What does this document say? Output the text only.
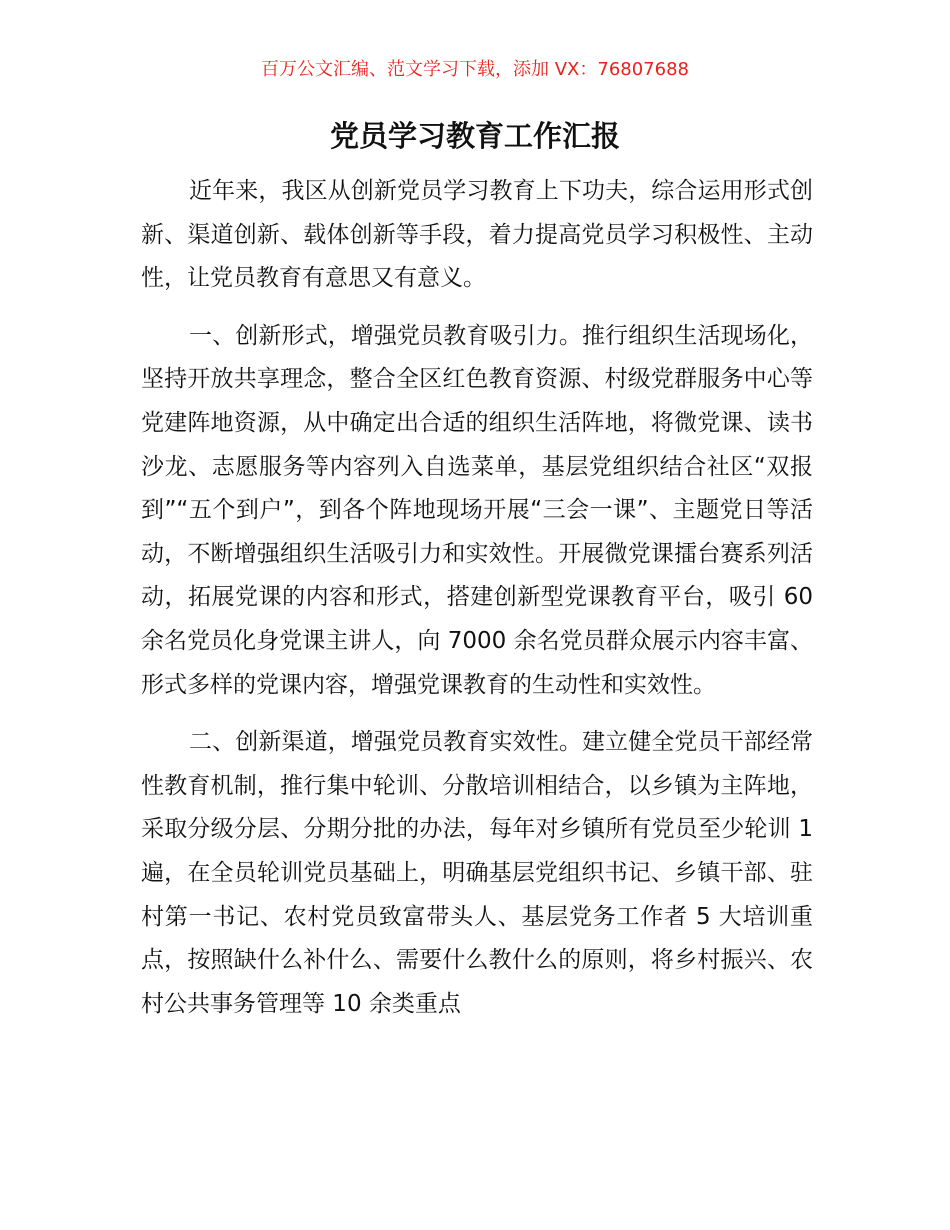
百万公文汇编、范文学习下载，添加 VX：76807688
党员学习教育工作汇报

近年来，我区从创新党员学习教育上下功夫，综合运用形式创新、渠道创新、载体创新等手段，着力提高党员学习积极性、主动性，让党员教育有意思又有意义。

一、创新形式，增强党员教育吸引力。推行组织生活现场化，坚持开放共享理念，整合全区红色教育资源、村级党群服务中心等党建阵地资源，从中确定出合适的组织生活阵地，将微党课、读书沙龙、志愿服务等内容列入自选菜单，基层党组织结合社区“双报到”“五个到户”，到各个阵地现场开展“三会一课”、主题党日等活动，不断增强组织生活吸引力和实效性。开展微党课擂台赛系列活动，拓展党课的内容和形式，搭建创新型党课教育平台，吸引 60 余名党员化身党课主讲人，向 7000 余名党员群众展示内容丰富、形式多样的党课内容，增强党课教育的生动性和实效性。

二、创新渠道，增强党员教育实效性。建立健全党员干部经常性教育机制，推行集中轮训、分散培训相结合，以乡镇为主阵地，采取分级分层、分期分批的办法，每年对乡镇所有党员至少轮训 1 遍，在全员轮训党员基础上，明确基层党组织书记、乡镇干部、驻村第一书记、农村党员致富带头人、基层党务工作者 5 大培训重点，按照缺什么补什么、需要什么教什么的原则，将乡村振兴、农村公共事务管理等 10 余类重点
